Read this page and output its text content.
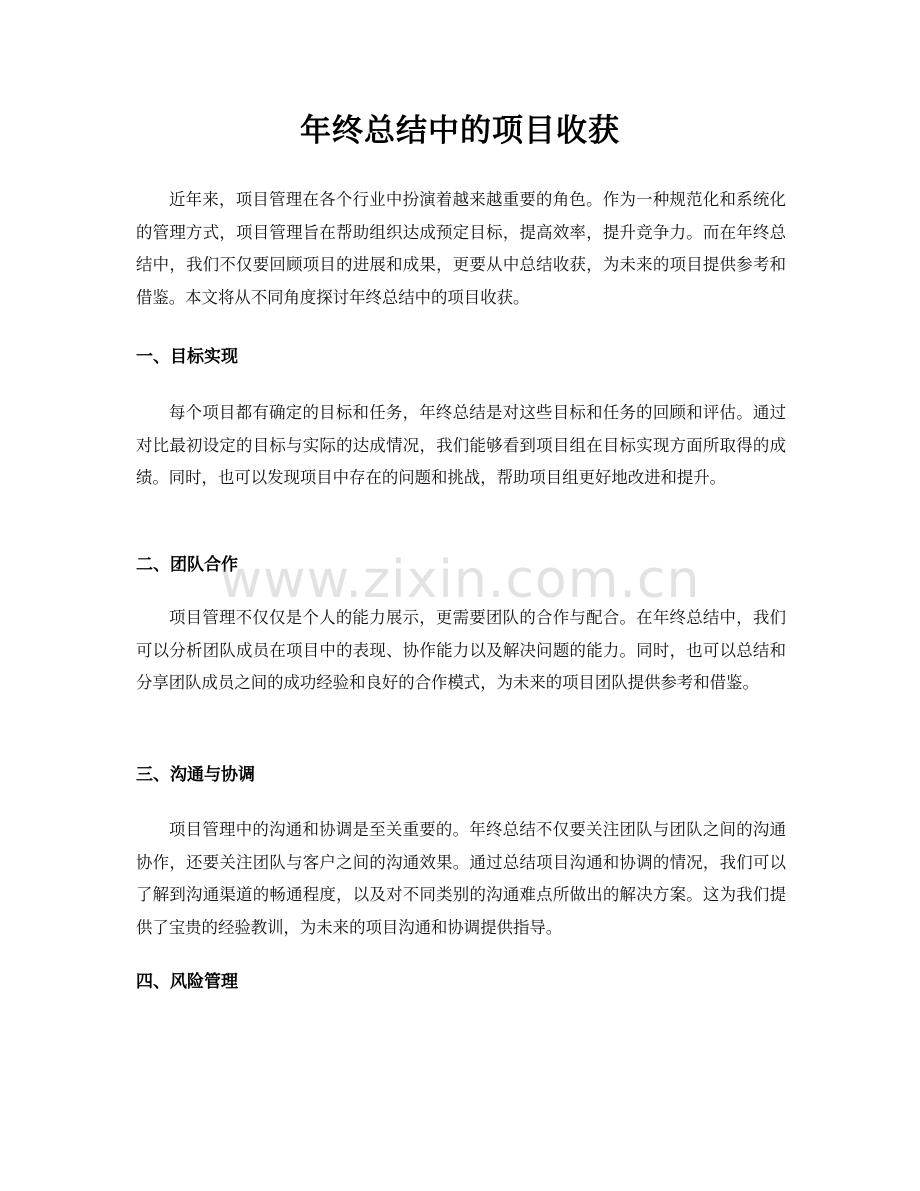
年终总结中的项目收获

近年来，项目管理在各个行业中扮演着越来越重要的角色。作为一种规范化和系统化的管理方式，项目管理旨在帮助组织达成预定目标，提高效率，提升竞争力。而在年终总结中，我们不仅要回顾项目的进展和成果，更要从中总结收获，为未来的项目提供参考和借鉴。本文将从不同角度探讨年终总结中的项目收获。

一、目标实现

每个项目都有确定的目标和任务，年终总结是对这些目标和任务的回顾和评估。通过对比最初设定的目标与实际的达成情况，我们能够看到项目组在目标实现方面所取得的成绩。同时，也可以发现项目中存在的问题和挑战，帮助项目组更好地改进和提升。

二、团队合作

项目管理不仅仅是个人的能力展示，更需要团队的合作与配合。在年终总结中，我们可以分析团队成员在项目中的表现、协作能力以及解决问题的能力。同时，也可以总结和分享团队成员之间的成功经验和良好的合作模式，为未来的项目团队提供参考和借鉴。

三、沟通与协调

项目管理中的沟通和协调是至关重要的。年终总结不仅要关注团队与团队之间的沟通协作，还要关注团队与客户之间的沟通效果。通过总结项目沟通和协调的情况，我们可以了解到沟通渠道的畅通程度，以及对不同类别的沟通难点所做出的解决方案。这为我们提供了宝贵的经验教训，为未来的项目沟通和协调提供指导。

四、风险管理
www.zixin.com.cn
